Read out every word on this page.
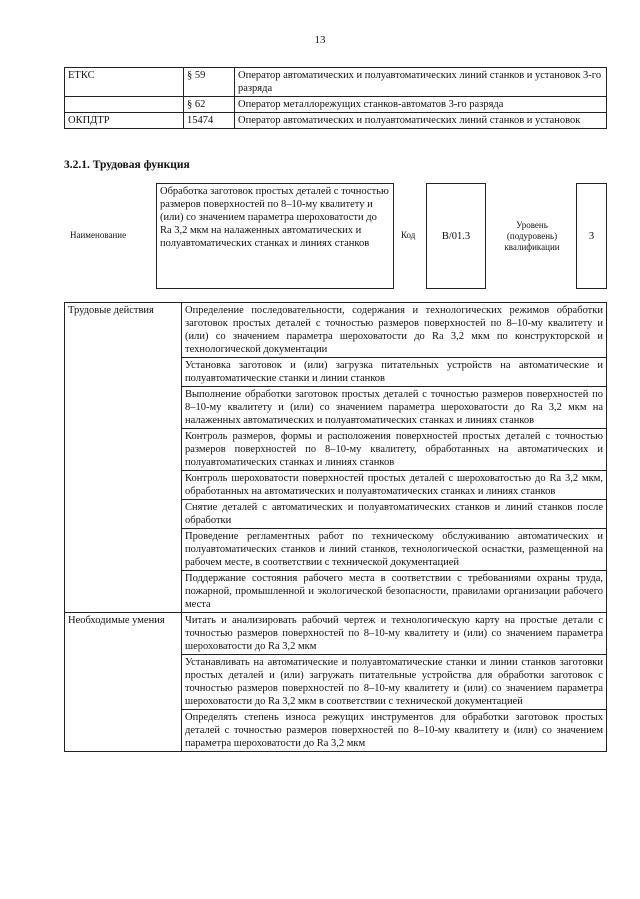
13
ЕТКС	§ 59	Оператор автоматических и полуавтоматических линий станков и установок 3-го разряда
	§ 62	Оператор металлорежущих станков-автоматов 3-го разряда
ОКПДТР	15474	Оператор автоматических и полуавтоматических линий станков и установок
3.2.1. Трудовая функция
Наименование
Обработка заготовок простых деталей с точностью размеров поверхностей по 8–10-му квалитету и (или) со значением параметра шероховатости до Ra 3,2 мкм на налаженных автоматических и полуавтоматических станках и линиях станков
Код	B/01.3
Уровень (подуровень) квалификации
3
Трудовые действия	Определение последовательности, содержания и технологических режимов обработки заготовок простых деталей с точностью размеров поверхностей по 8–10-му квалитету и (или) со значением параметра шероховатости до Ra 3,2 мкм по конструкторской и технологической документации
	Установка заготовок и (или) загрузка питательных устройств на автоматические и полуавтоматические станки и линии станков
	Выполнение обработки заготовок простых деталей с точностью размеров поверхностей по 8–10-му квалитету и (или) со значением параметра шероховатости до Ra 3,2 мкм на налаженных автоматических и полуавтоматических станках и линиях станков
	Контроль размеров, формы и расположения поверхностей простых деталей с точностью размеров поверхностей по 8–10-му квалитету, обработанных на автоматических и полуавтоматических станках и линиях станков
	Контроль шероховатости поверхностей простых деталей с шероховатостью до Ra 3,2 мкм, обработанных на автоматических и полуавтоматических станках и линиях станков
	Снятие деталей с автоматических и полуавтоматических станков и линий станков после обработки
	Проведение регламентных работ по техническому обслуживанию автоматических и полуавтоматических станков и линий станков, технологической оснастки, размещенной на рабочем месте, в соответствии с технической документацией
	Поддержание состояния рабочего места в соответствии с требованиями охраны труда, пожарной, промышленной и экологической безопасности, правилами организации рабочего места
Необходимые умения	Читать и анализировать рабочий чертеж и технологическую карту на простые детали с точностью размеров поверхностей по 8–10-му квалитету и (или) со значением параметра шероховатости до Ra 3,2 мкм
	Устанавливать на автоматические и полуавтоматические станки и линии станков заготовки простых деталей и (или) загружать питательные устройства для обработки заготовок с точностью размеров поверхностей по 8–10-му квалитету и (или) со значением параметра шероховатости до Ra 3,2 мкм в соответствии с технической документацией
	Определять степень износа режущих инструментов для обработки заготовок простых деталей с точностью размеров поверхностей по 8–10-му квалитету и (или) со значением параметра шероховатости до Ra 3,2 мкм
